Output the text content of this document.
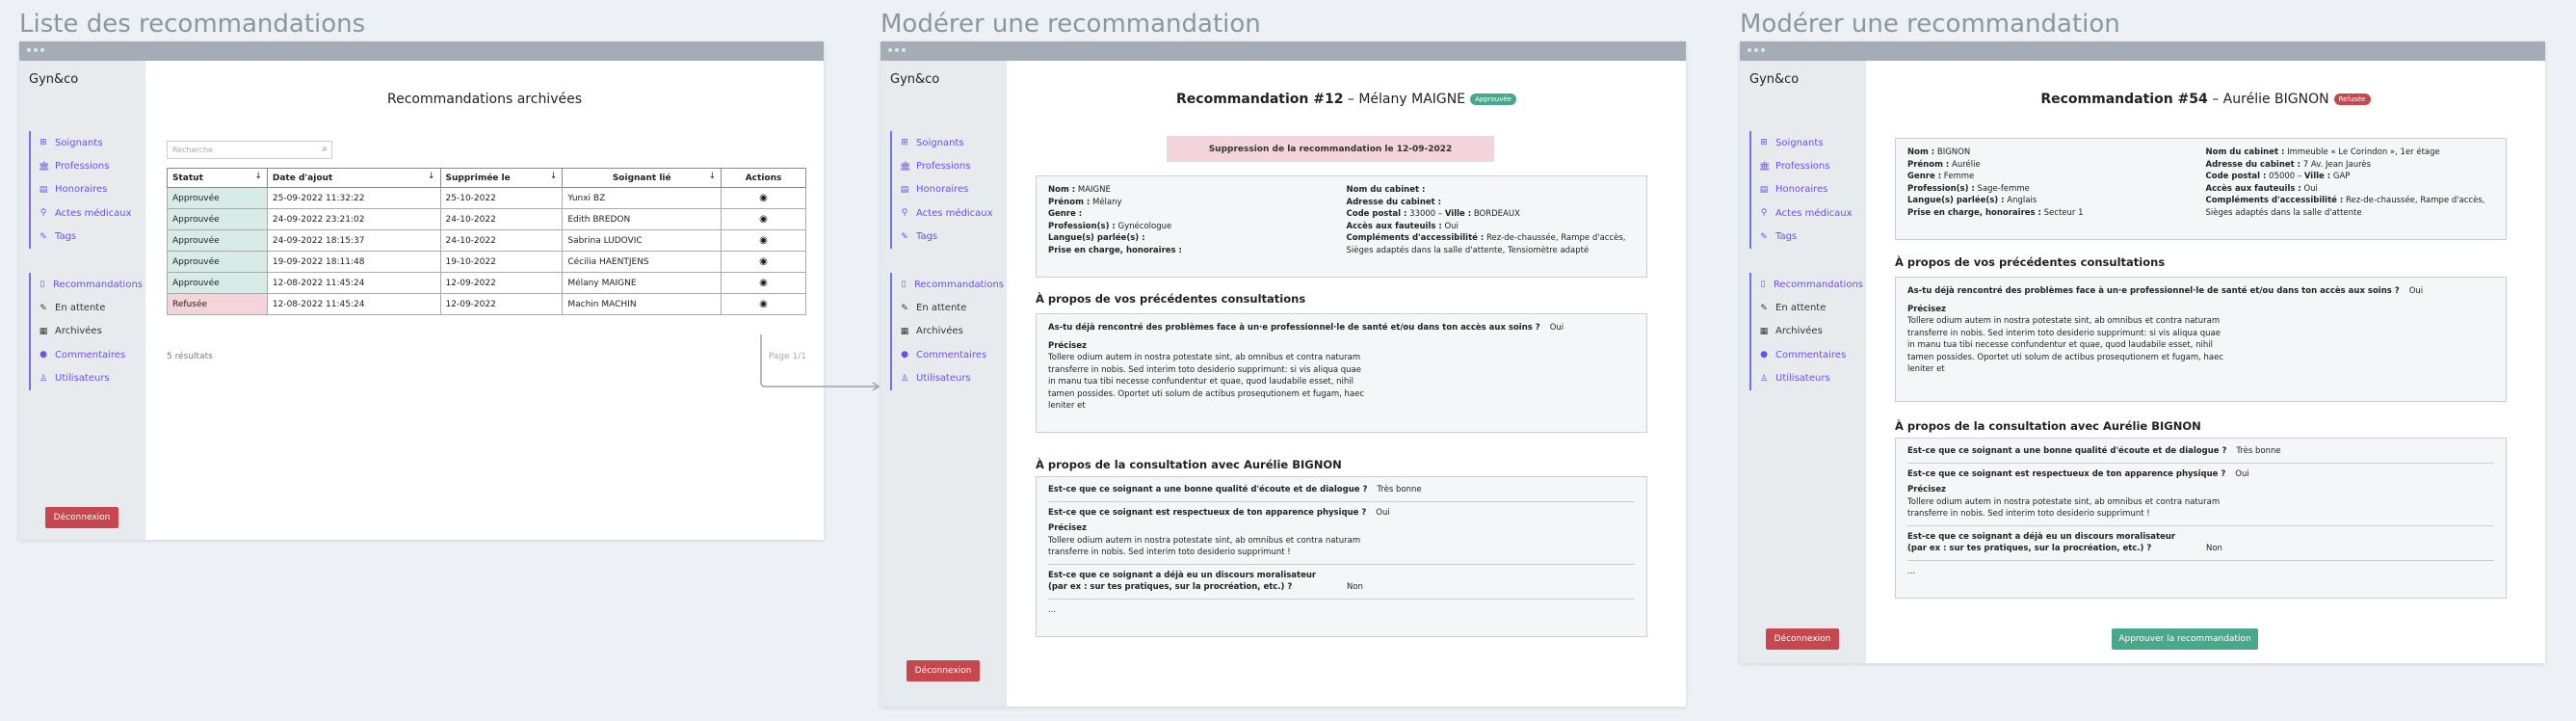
Liste des recommandations
Gyn&co
⊞ Soignants
🏛 Professions
▤ Honoraires
⚲ Actes médicaux
✎ Tags
▯ Recommandations
✎ En attente
▦ Archivées
● Commentaires
♙ Utilisateurs
Déconnexion
Recommandations archivées
Recherche	⌕
Statut ↓	Date d'ajout ↓	Supprimée le ↓	Soignant lié ↓	Actions
Approuvée	25-09-2022 11:32:22	25-10-2022	Yunxi BZ	◉
Approuvée	24-09-2022 23:21:02	24-10-2022	Edith BREDON	◉
Approuvée	24-09-2022 18:15:37	24-10-2022	Sabrina LUDOVIC	◉
Approuvée	19-09-2022 18:11:48	19-10-2022	Cécilia HAENTJENS	◉
Approuvée	12-08-2022 11:45:24	12-09-2022	Mélany MAIGNE	◉
Refusée	12-08-2022 11:45:24	12-09-2022	Machin MACHIN	◉
5 résultats	Page 1/1
Modérer une recommandation
Gyn&co
⊞ Soignants
🏛 Professions
▤ Honoraires
⚲ Actes médicaux
✎ Tags
▯ Recommandations
✎ En attente
▦ Archivées
● Commentaires
♙ Utilisateurs
Déconnexion
Recommandation #12 – Mélany MAIGNE Approuvée
Suppression de la recommandation le 12-09-2022
Nom : MAIGNE
Prénom : Mélany
Genre :
Profession(s) : Gynécologue
Langue(s) parlée(s) :
Prise en charge, honoraires :
Nom du cabinet :
Adresse du cabinet :
Code postal : 33000 – Ville : BORDEAUX
Accès aux fauteuils : Oui
Compléments d'accessibilité : Rez-de-chaussée, Rampe d'accès, Sièges adaptés dans la salle d'attente, Tensiomètre adapté
À propos de vos précédentes consultations
As-tu déjà rencontré des problèmes face à un·e professionnel·le de santé et/ou dans ton accès aux soins ? Oui
Précisez
Tollere odium autem in nostra potestate sint, ab omnibus et contra naturam transferre in nobis. Sed interim toto desiderio supprimunt: si vis aliqua quae in manu tua tibi necesse confundentur et quae, quod laudabile esset, nihil tamen possides. Oportet uti solum de actibus prosequtionem et fugam, haec leniter et
À propos de la consultation avec Aurélie BIGNON
Est-ce que ce soignant a une bonne qualité d'écoute et de dialogue ? Très bonne
Est-ce que ce soignant est respectueux de ton apparence physique ? Oui
Précisez
Tollere odium autem in nostra potestate sint, ab omnibus et contra naturam transferre in nobis. Sed interim toto desiderio supprimunt !
Est-ce que ce soignant a déjà eu un discours moralisateur (par ex : sur tes pratiques, sur la procréation, etc.) ?	Non
...
Modérer une recommandation
Gyn&co
⊞ Soignants
🏛 Professions
▤ Honoraires
⚲ Actes médicaux
✎ Tags
▯ Recommandations
✎ En attente
▦ Archivées
● Commentaires
♙ Utilisateurs
Déconnexion
Recommandation #54 – Aurélie BIGNON Refusée
Nom : BIGNON
Prénom : Aurélie
Genre : Femme
Profession(s) : Sage-femme
Langue(s) parlée(s) : Anglais
Prise en charge, honoraires : Secteur 1
Nom du cabinet : Immeuble « Le Corindon », 1er étage
Adresse du cabinet : 7 Av. Jean Jaurès
Code postal : 05000 – Ville : GAP
Accès aux fauteuils : Oui
Compléments d'accessibilité : Rez-de-chaussée, Rampe d'accès, Sièges adaptés dans la salle d'attente
À propos de vos précédentes consultations
As-tu déjà rencontré des problèmes face à un·e professionnel·le de santé et/ou dans ton accès aux soins ? Oui
Précisez
Tollere odium autem in nostra potestate sint, ab omnibus et contra naturam transferre in nobis. Sed interim toto desiderio supprimunt: si vis aliqua quae in manu tua tibi necesse confundentur et quae, quod laudabile esset, nihil tamen possides. Oportet uti solum de actibus prosequtionem et fugam, haec leniter et
À propos de la consultation avec Aurélie BIGNON
Est-ce que ce soignant a une bonne qualité d'écoute et de dialogue ? Très bonne
Est-ce que ce soignant est respectueux de ton apparence physique ? Oui
Précisez
Tollere odium autem in nostra potestate sint, ab omnibus et contra naturam transferre in nobis. Sed interim toto desiderio supprimunt !
Est-ce que ce soignant a déjà eu un discours moralisateur (par ex : sur tes pratiques, sur la procréation, etc.) ?	Non
...
Approuver la recommandation
